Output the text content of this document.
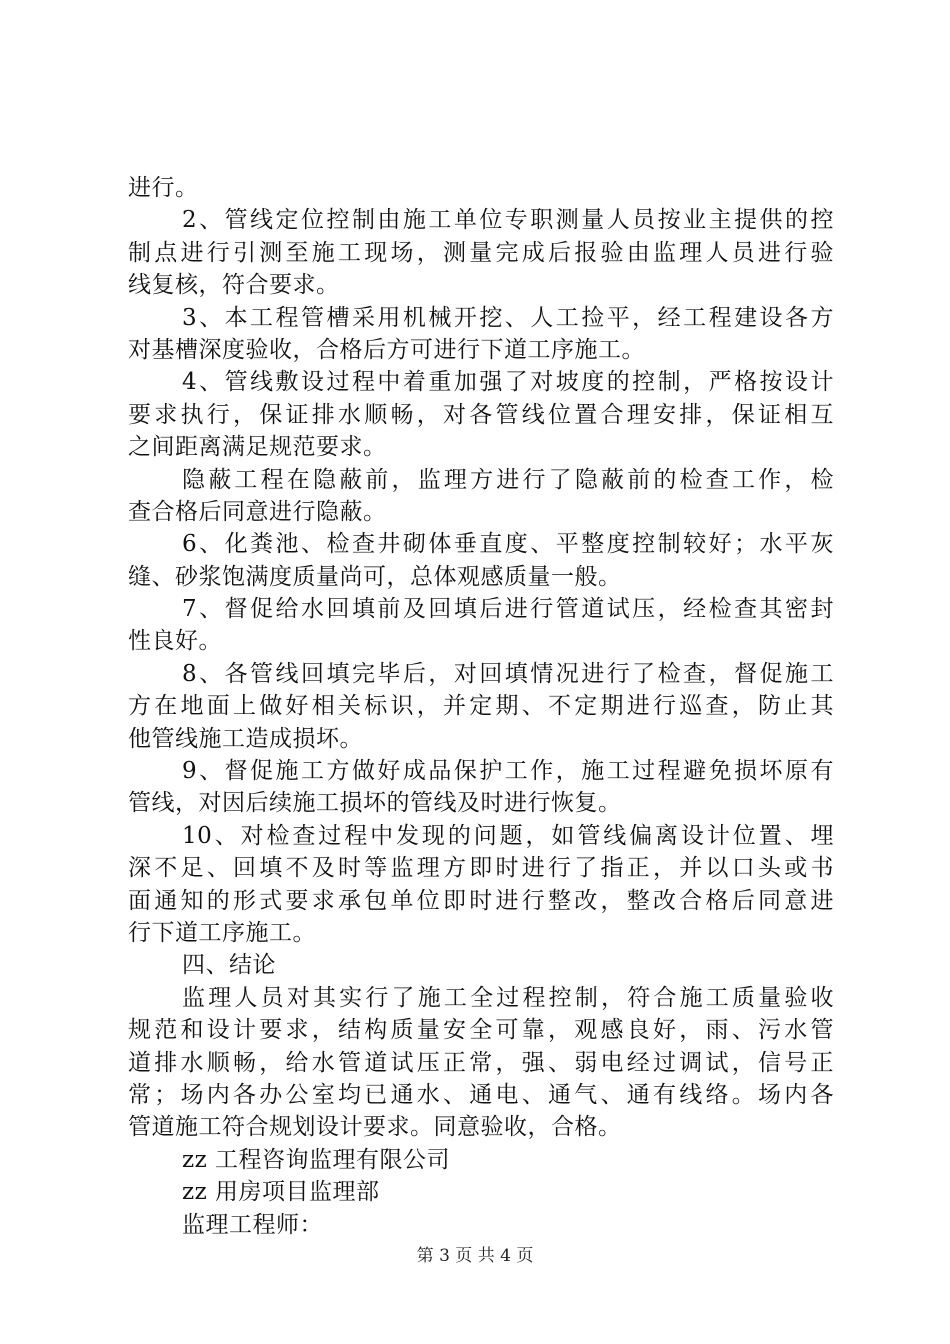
进行。
2、管线定位控制由施工单位专职测量人员按业主提供的控
制点进行引测至施工现场，测量完成后报验由监理人员进行验
线复核，符合要求。
3、本工程管槽采用机械开挖、人工捡平，经工程建设各方
对基槽深度验收，合格后方可进行下道工序施工。
4、管线敷设过程中着重加强了对坡度的控制，严格按设计
要求执行，保证排水顺畅，对各管线位置合理安排，保证相互
之间距离满足规范要求。
隐蔽工程在隐蔽前，监理方进行了隐蔽前的检查工作，检
查合格后同意进行隐蔽。
6、化粪池、检查井砌体垂直度、平整度控制较好；水平灰
缝、砂浆饱满度质量尚可，总体观感质量一般。
7、督促给水回填前及回填后进行管道试压，经检查其密封
性良好。
8、各管线回填完毕后，对回填情况进行了检查，督促施工
方在地面上做好相关标识，并定期、不定期进行巡查，防止其
他管线施工造成损坏。
9、督促施工方做好成品保护工作，施工过程避免损坏原有
管线，对因后续施工损坏的管线及时进行恢复。
10、对检查过程中发现的问题，如管线偏离设计位置、埋
深不足、回填不及时等监理方即时进行了指正，并以口头或书
面通知的形式要求承包单位即时进行整改，整改合格后同意进
行下道工序施工。
四、结论
监理人员对其实行了施工全过程控制，符合施工质量验收
规范和设计要求，结构质量安全可靠，观感良好，雨、污水管
道排水顺畅，给水管道试压正常，强、弱电经过调试，信号正
常；场内各办公室均已通水、通电、通气、通有线络。场内各
管道施工符合规划设计要求。同意验收，合格。
zz 工程咨询监理有限公司
zz 用房项目监理部
监理工程师：
第 3 页 共 4 页
